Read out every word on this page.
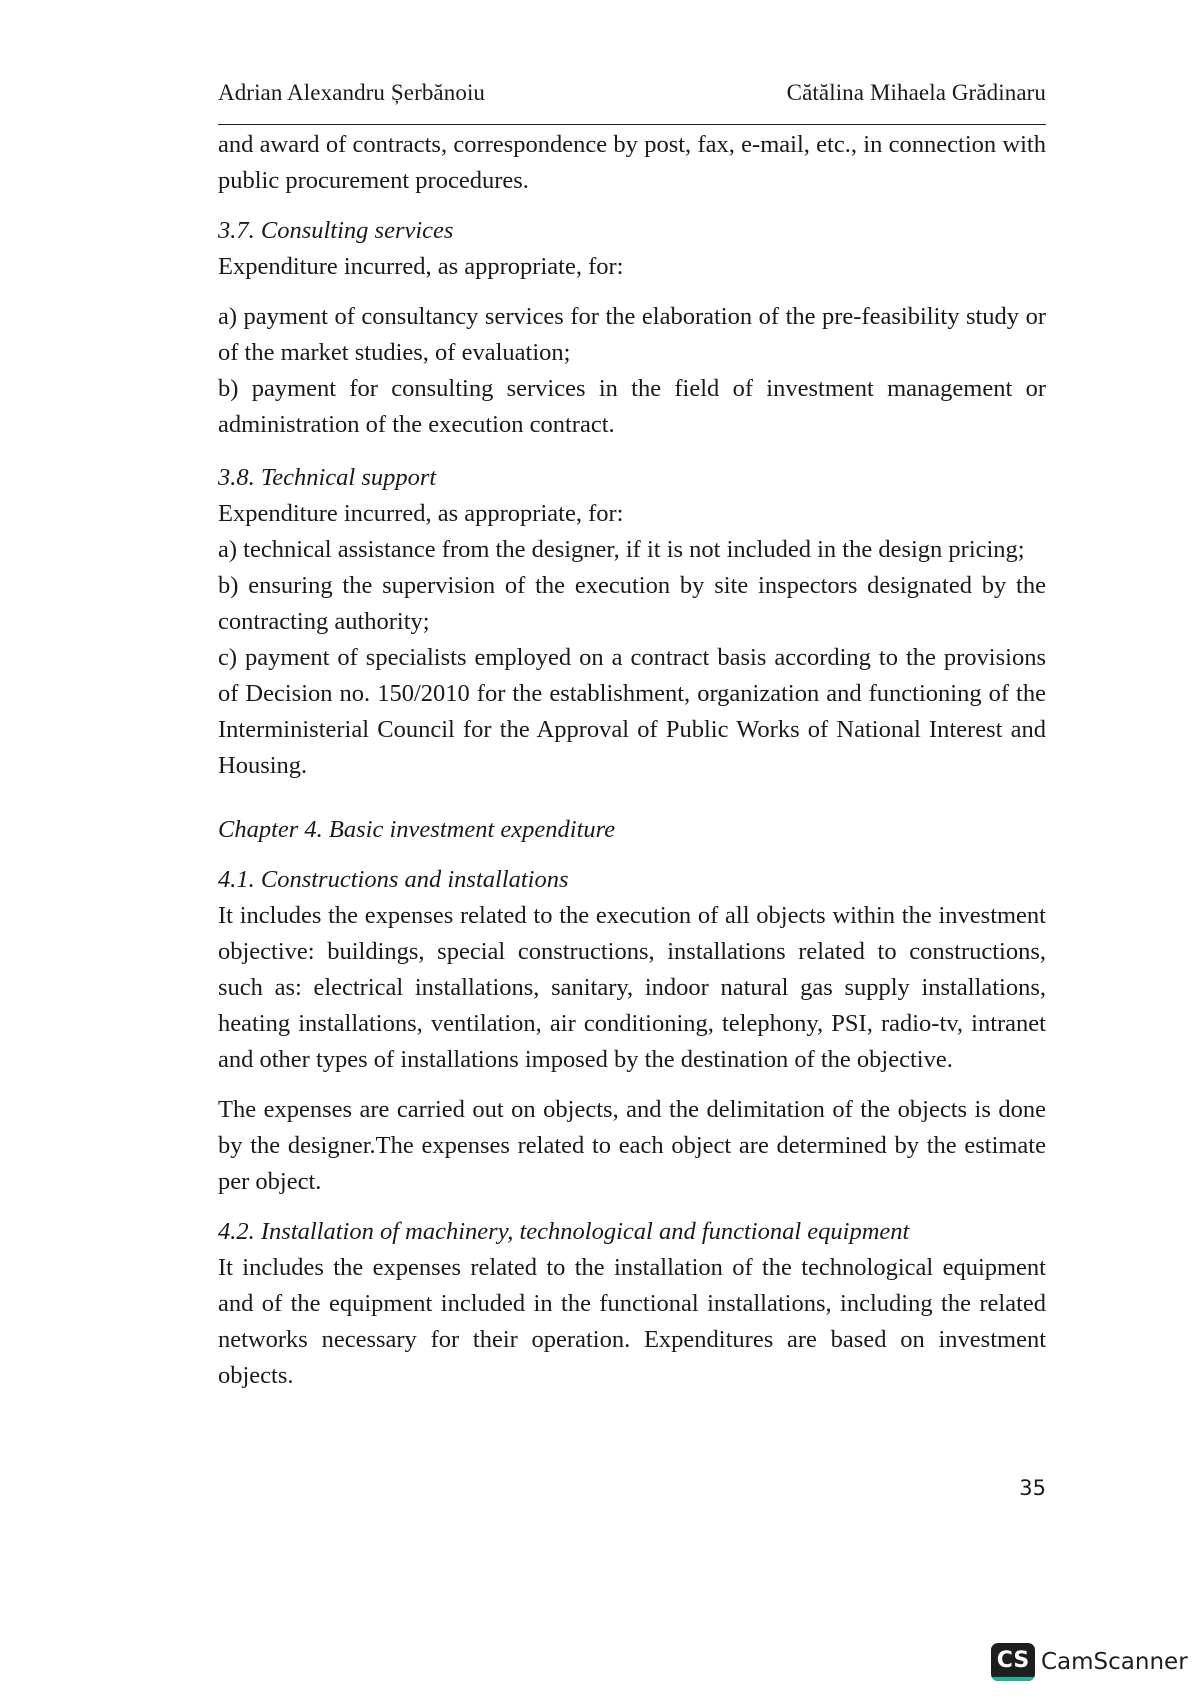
Adrian Alexandru Șerbănoiu	Cătălina Mihaela Grădinaru

and award of contracts, correspondence by post, fax, e-mail, etc., in connection with public procurement procedures.

3.7. Consulting services

Expenditure incurred, as appropriate, for:

a) payment of consultancy services for the elaboration of the pre-feasibility study or of the market studies, of evaluation;

b) payment for consulting services in the field of investment management or administration of the execution contract.

3.8. Technical support

Expenditure incurred, as appropriate, for:

a) technical assistance from the designer, if it is not included in the design pricing;

b) ensuring the supervision of the execution by site inspectors designated by the contracting authority;

c) payment of specialists employed on a contract basis according to the provisions of Decision no. 150/2010 for the establishment, organization and functioning of the Interministerial Council for the Approval of Public Works of National Interest and Housing.

Chapter 4. Basic investment expenditure
4.1. Constructions and installations

It includes the expenses related to the execution of all objects within the investment objective: buildings, special constructions, installations related to constructions, such as: electrical installations, sanitary, indoor natural gas supply installations, heating installations, ventilation, air conditioning, telephony, PSI, radio-tv, intranet and other types of installations imposed by the destination of the objective.

The expenses are carried out on objects, and the delimitation of the objects is done by the designer.The expenses related to each object are determined by the estimate per object.

4.2. Installation of machinery, technological and functional equipment

It includes the expenses related to the installation of the technological equipment and of the equipment included in the functional installations, including the related networks necessary for their operation. Expenditures are based on investment objects.

35
CS CamScanner
